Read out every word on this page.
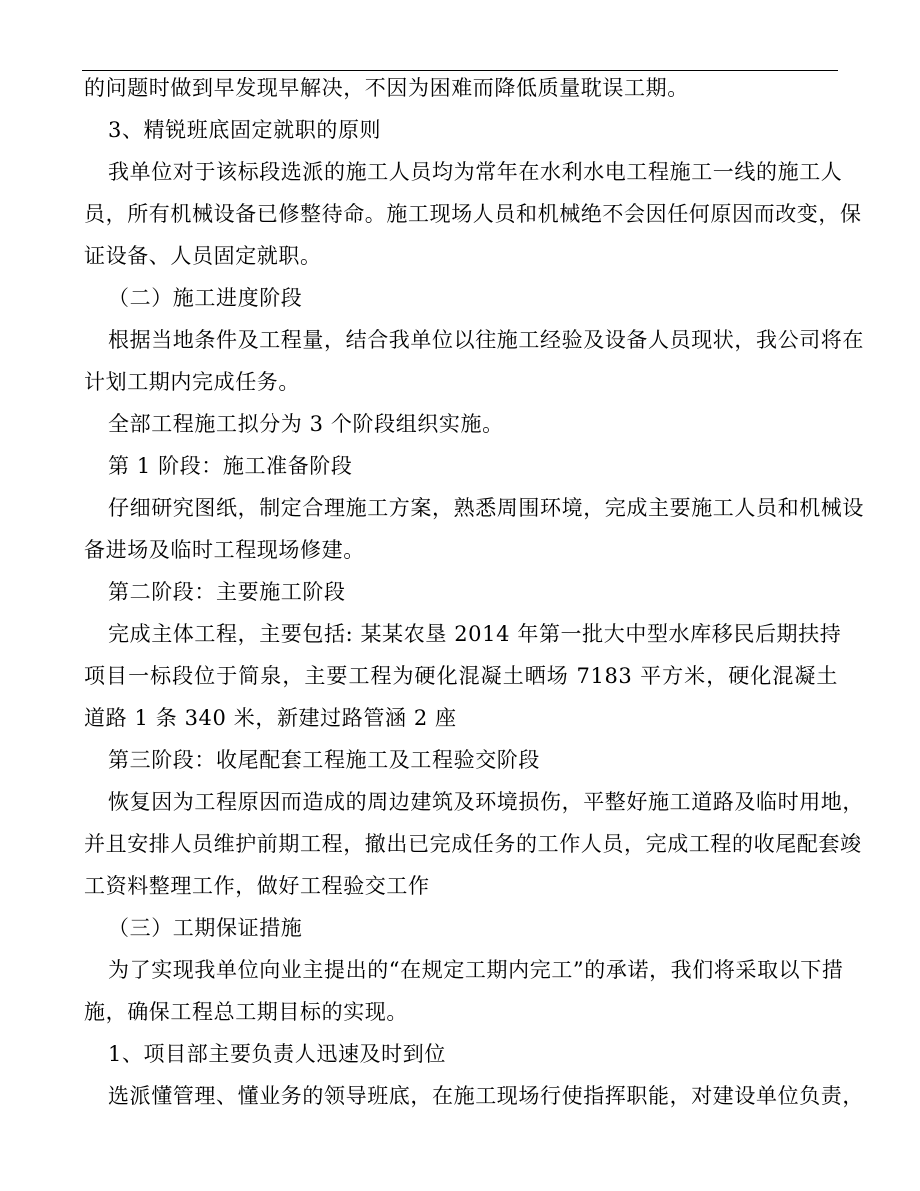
的问题时做到早发现早解决，不因为困难而降低质量耽误工期。
3、精锐班底固定就职的原则
我单位对于该标段选派的施工人员均为常年在水利水电工程施工一线的施工人
员，所有机械设备已修整待命。施工现场人员和机械绝不会因任何原因而改变，保
证设备、人员固定就职。
（二）施工进度阶段
根据当地条件及工程量，结合我单位以往施工经验及设备人员现状，我公司将在
计划工期内完成任务。
全部工程施工拟分为 3 个阶段组织实施。
第 1 阶段：施工准备阶段
仔细研究图纸，制定合理施工方案，熟悉周围环境，完成主要施工人员和机械设
备进场及临时工程现场修建。
第二阶段：主要施工阶段
完成主体工程，主要包括: 某某农垦 2014 年第一批大中型水库移民后期扶持
项目一标段位于简泉，主要工程为硬化混凝土晒场 7183 平方米，硬化混凝土
道路 1 条 340 米，新建过路管涵 2 座
第三阶段：收尾配套工程施工及工程验交阶段
恢复因为工程原因而造成的周边建筑及环境损伤，平整好施工道路及临时用地，
并且安排人员维护前期工程，撤出已完成任务的工作人员，完成工程的收尾配套竣
工资料整理工作，做好工程验交工作
（三）工期保证措施
为了实现我单位向业主提出的“在规定工期内完工”的承诺，我们将采取以下措
施，确保工程总工期目标的实现。
1、项目部主要负责人迅速及时到位
选派懂管理、懂业务的领导班底，在施工现场行使指挥职能，对建设单位负责，
